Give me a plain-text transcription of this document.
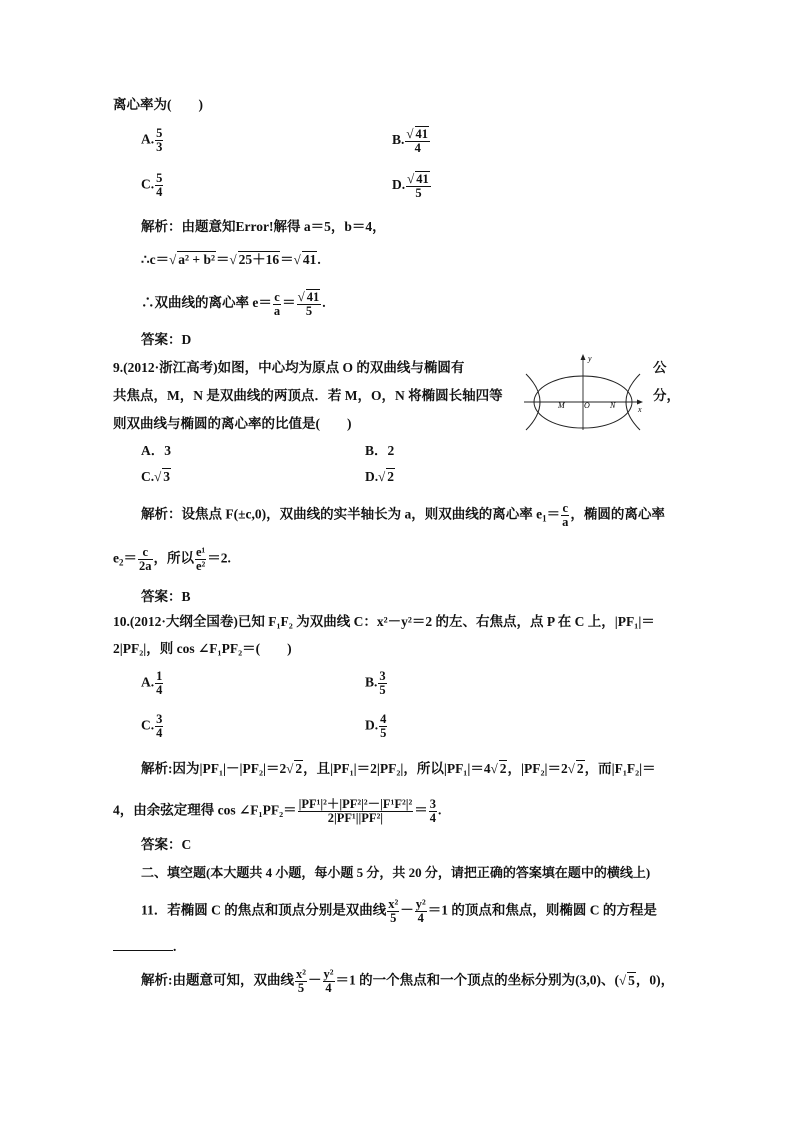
离心率为(　　)
A. $\frac{5}{3}$	B. $\frac{√ 41}{4}$
C. $\frac{5}{4}$	D. $\frac{√ 41}{5}$
解析：由题意知Error!解得 a＝5，b＝4，
∴c＝√ a² + b²＝√ 25＋16＝√ 41.
∴双曲线的离心率 $e= \frac{c}{a} = \frac{√ 41}{5}$ .
答案：D
9.(2012·浙江高考)如图，中心均为原点 O 的双曲线与椭圆有	公
共焦点，M，N 是双曲线的两顶点．若 M，O，N 将椭圆长轴四等	分，
则双曲线与椭圆的离心率的比值是(　　)
y
x
M O	N
A．3	B．2
C.√ 3	D.√ 2
解析：设焦点 F(±c,0)，双曲线的实半轴长为 a，则双曲线的离心率 $e_1= \frac{c}{a}$ ，椭圆的离心率
$e_2= \frac{c}{2a}$ ，所以 $\frac{\text{e¹}}{\text{e²}} =2$.
答案：B
10.(2012·大纲全国卷)已知 F₁F₂ 为双曲线 C：x²－y²＝2 的左、右焦点，点 P 在 C 上，|PF₁|＝
2|PF₂|，则 cos ∠F₁PF₂＝(　　)
A. $\frac{1}{4}$	B. $\frac{3}{5}$
C. $\frac{3}{4}$	D. $\frac{4}{5}$
解析:因为|PF₁|－|PF₂|＝2√ 2，且|PF₁|＝2|PF₂|，所以|PF₁|＝4√ 2，|PF₂|＝2√ 2，而|F₁F₂|＝
4，由余弦定理得 cos ∠F₁PF₂＝ $\frac{\text{|PF¹|²＋|PF²|²－|F¹F²|²}}{\text{2|PF¹||PF²|}} = \frac{3}{4}$ .
答案：C
二、填空题(本大题共 4 小题，每小题 5 分，共 20 分，请把正确的答案填在题中的横线上)
11．若椭圆 C 的焦点和顶点分别是双曲线 $\frac{\text{x²}}{5} - \frac{\text{y²}}{4} =1$ 的顶点和焦点，则椭圆 C 的方程是
.
解析:由题意可知，双曲线 $\frac{\text{x²}}{5} - \frac{\text{y²}}{4} =1$ 的一个焦点和一个顶点的坐标分别为(3,0)、(√ 5，0)，
